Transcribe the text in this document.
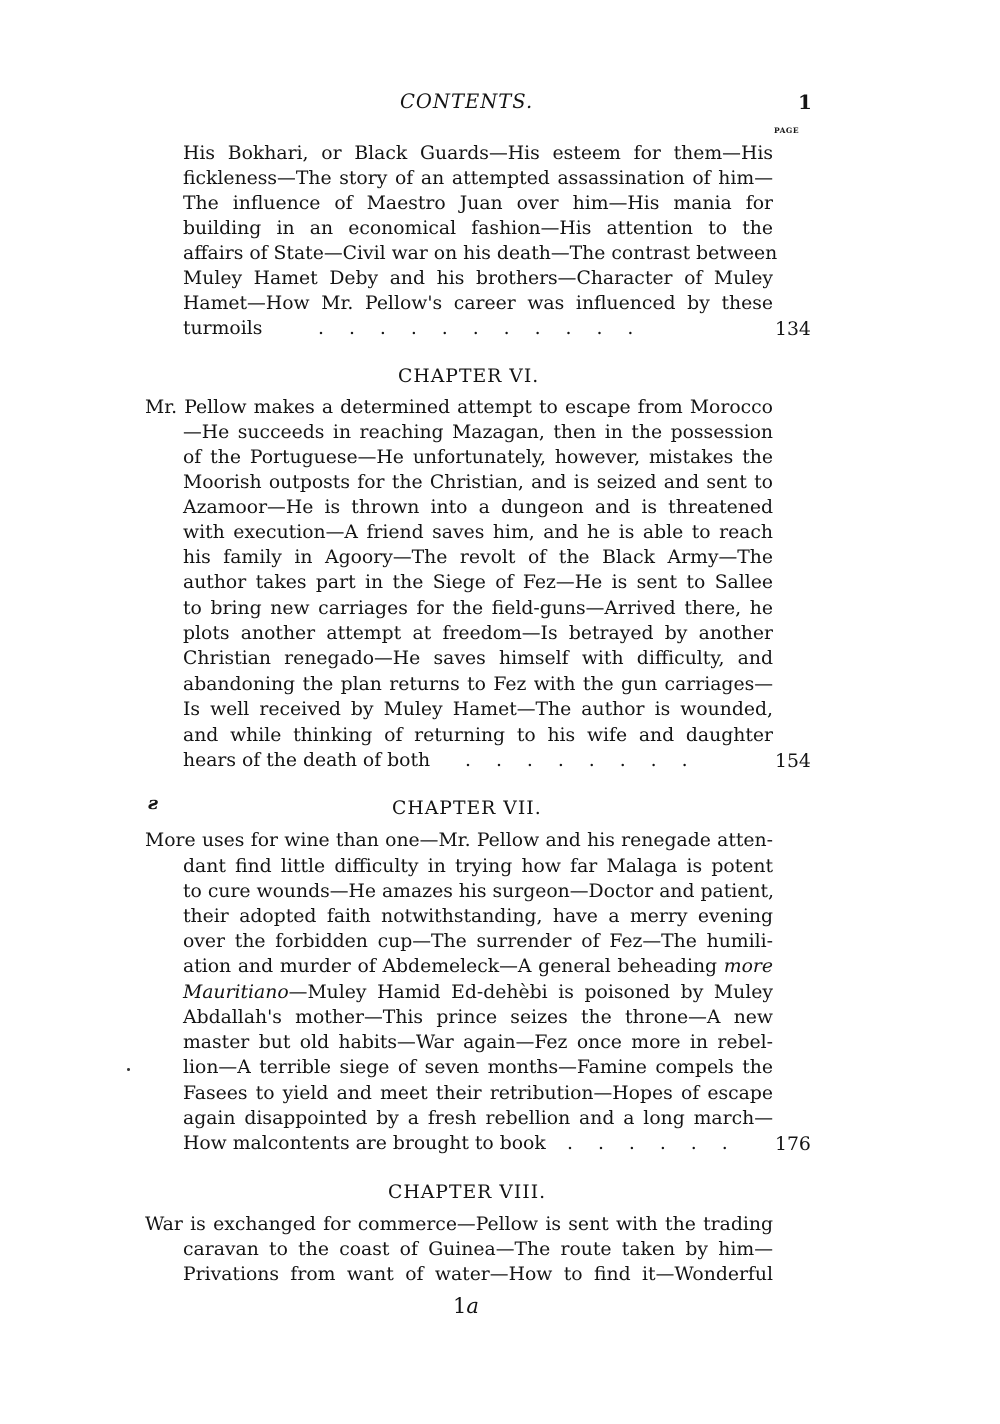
CONTENTS.	1
PAGE
His Bokhari, or Black Guards—His esteem for them—His
fickleness—The story of an attempted assassination of him—
The influence of Maestro Juan over him—His mania for
building in an economical fashion—His attention to the
affairs of State—Civil war on his death—The contrast between
Muley Hamet Deby and his brothers—Character of Muley
Hamet—How Mr. Pellow's career was influenced by these
turmoils	. . . . . . . . . . .	134
CHAPTER VI.
Mr. Pellow makes a determined attempt to escape from Morocco
—He succeeds in reaching Mazagan, then in the possession
of the Portuguese—He unfortunately, however, mistakes the
Moorish outposts for the Christian, and is seized and sent to
Azamoor—He is thrown into a dungeon and is threatened
with execution—A friend saves him, and he is able to reach
his family in Agoory—The revolt of the Black Army—The
author takes part in the Siege of Fez—He is sent to Sallee
to bring new carriages for the field-guns—Arrived there, he
plots another attempt at freedom—Is betrayed by another
Christian renegado—He saves himself with difficulty, and
abandoning the plan returns to Fez with the gun carriages—
Is well received by Muley Hamet—The author is wounded,
and while thinking of returning to his wife and daughter
hears of the death of both . . . . . . . .	154
ƨ	CHAPTER VII.
More uses for wine than one—Mr. Pellow and his renegade atten-
dant find little difficulty in trying how far Malaga is potent
to cure wounds—He amazes his surgeon—Doctor and patient,
their adopted faith notwithstanding, have a merry evening
over the forbidden cup—The surrender of Fez—The humili-
ation and murder of Abdemeleck—A general beheading more
Mauritiano—Muley Hamid Ed-dehèbi is poisoned by Muley
Abdallah's mother—This prince seizes the throne—A new
master but old habits—War again—Fez once more in rebel-
lion—A terrible siege of seven months—Famine compels the
Fasees to yield and meet their retribution—Hopes of escape
again disappointed by a fresh rebellion and a long march—
How malcontents are brought to book . . . . . .	176
CHAPTER VIII.
War is exchanged for commerce—Pellow is sent with the trading
caravan to the coast of Guinea—The route taken by him—
Privations from want of water—How to find it—Wonderful
1a
